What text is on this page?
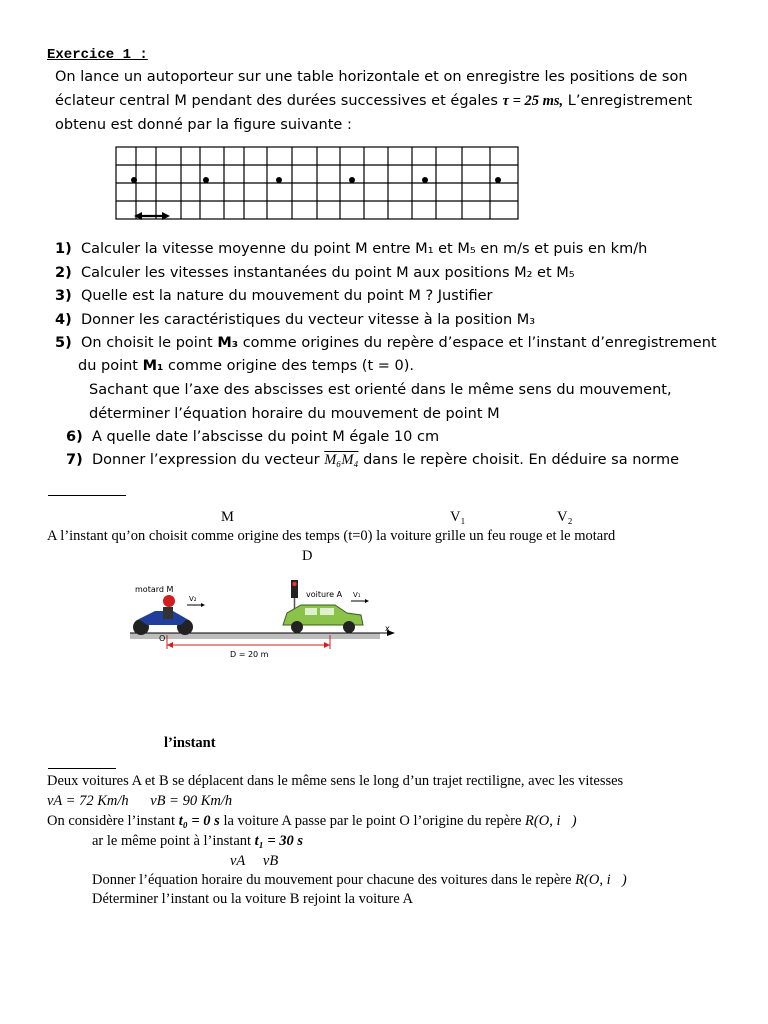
Exercice 1 :
On lance un autoporteur sur une table horizontale et on enregistre les positions de son
éclateur central M pendant des durées successives et égales τ = 25 ms, L’enregistrement
obtenu est donné par la figure suivante :
1) Calculer la vitesse moyenne du point M entre M₁ et M₅ en m/s et puis en km/h
2) Calculer les vitesses instantanées du point M aux positions M₂ et M₅
3) Quelle est la nature du mouvement du point M ? Justifier
4) Donner les caractéristiques du vecteur vitesse à la position M₃
5) On choisit le point M₃ comme origines du repère d’espace et l’instant d’enregistrement
du point M₁ comme origine des temps (t = 0).
Sachant que l’axe des abscisses est orienté dans le même sens du mouvement,
déterminer l’équation horaire du mouvement de point M
6) A quelle date l’abscisse du point M égale 10 cm
7) Donner l’expression du vecteur M₆M₄ dans le repère choisit. En déduire sa norme
M	V₁	V₂
A l’instant qu’on choisit comme origine des temps (t=0) la voiture grille un feu rouge et le motard
D
x
motard M
V₂
O
voiture A V₁
D = 20 m
l’instant
Deux voitures A et B se déplacent dans le même sens le long d’un trajet rectiligne, avec les vitesses
vA = 72 Km/h vB = 90 Km/h
On considère l’instant t₀ = 0 s la voiture A passe par le point O l’origine du repère R(O, i⃗)
ar le même point à l’instant t₁ = 30 s
vA vB
Donner l’équation horaire du mouvement pour chacune des voitures dans le repère R(O, i⃗)
Déterminer l’instant ou la voiture B rejoint la voiture A
